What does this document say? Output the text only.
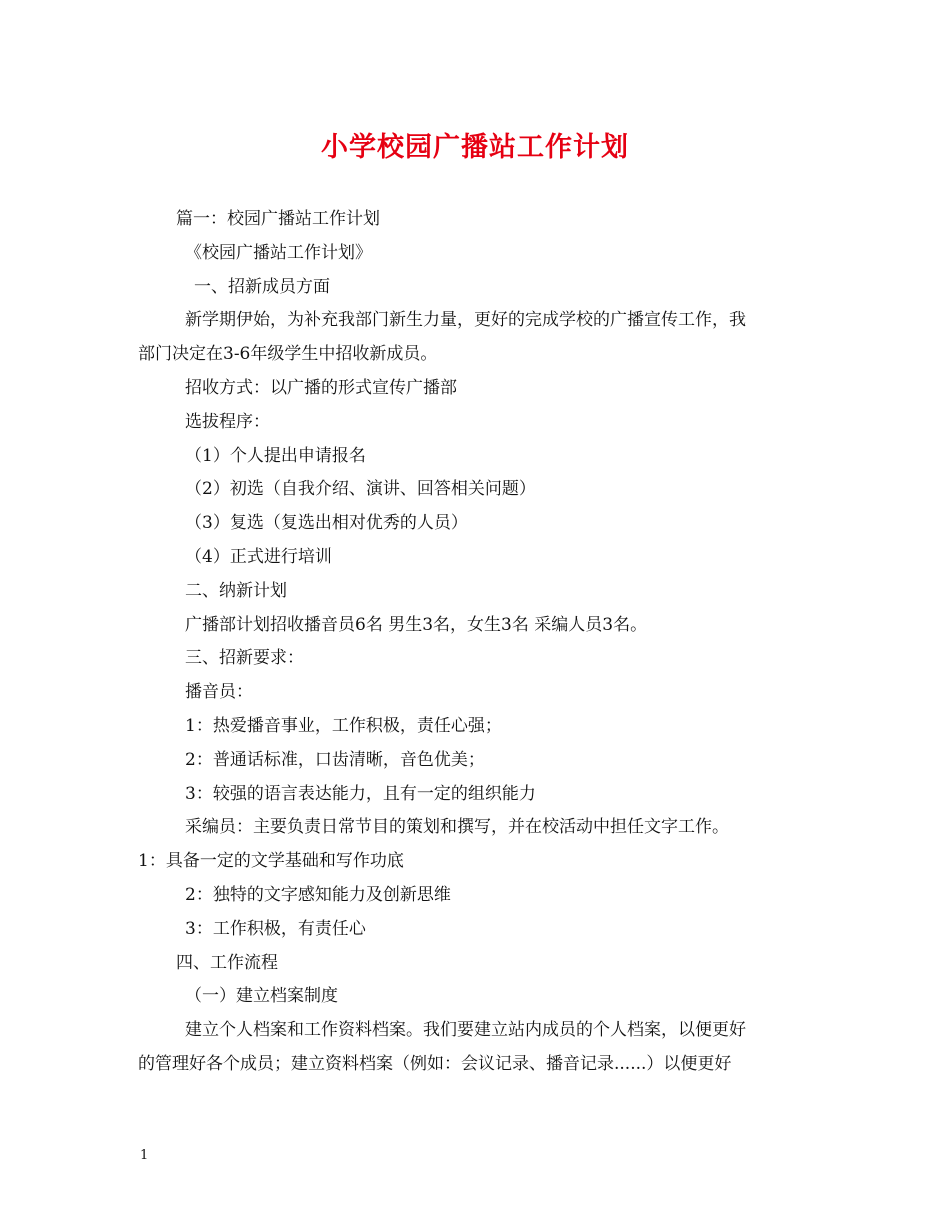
小学校园广播站工作计划
篇一：校园广播站工作计划
《校园广播站工作计划》
一、招新成员方面
新学期伊始，为补充我部门新生力量，更好的完成学校的广播宣传工作，我
部门决定在3-6年级学生中招收新成员。
招收方式：以广播的形式宣传广播部
选拔程序：
（1）个人提出申请报名
（2）初选（自我介绍、演讲、回答相关问题）
（3）复选（复选出相对优秀的人员）
（4）正式进行培训
二、纳新计划
广播部计划招收播音员6名 男生3名，女生3名 采编人员3名。
三、招新要求：
播音员：
1：热爱播音事业，工作积极，责任心强；
2：普通话标准，口齿清晰，音色优美；
3：较强的语言表达能力，且有一定的组织能力
采编员：主要负责日常节目的策划和撰写，并在校活动中担任文字工作。
1：具备一定的文学基础和写作功底
2：独特的文字感知能力及创新思维
3：工作积极，有责任心
四、工作流程
（一）建立档案制度
建立个人档案和工作资料档案。我们要建立站内成员的个人档案，以便更好
的管理好各个成员；建立资料档案（例如：会议记录、播音记录......）以便更好
1
